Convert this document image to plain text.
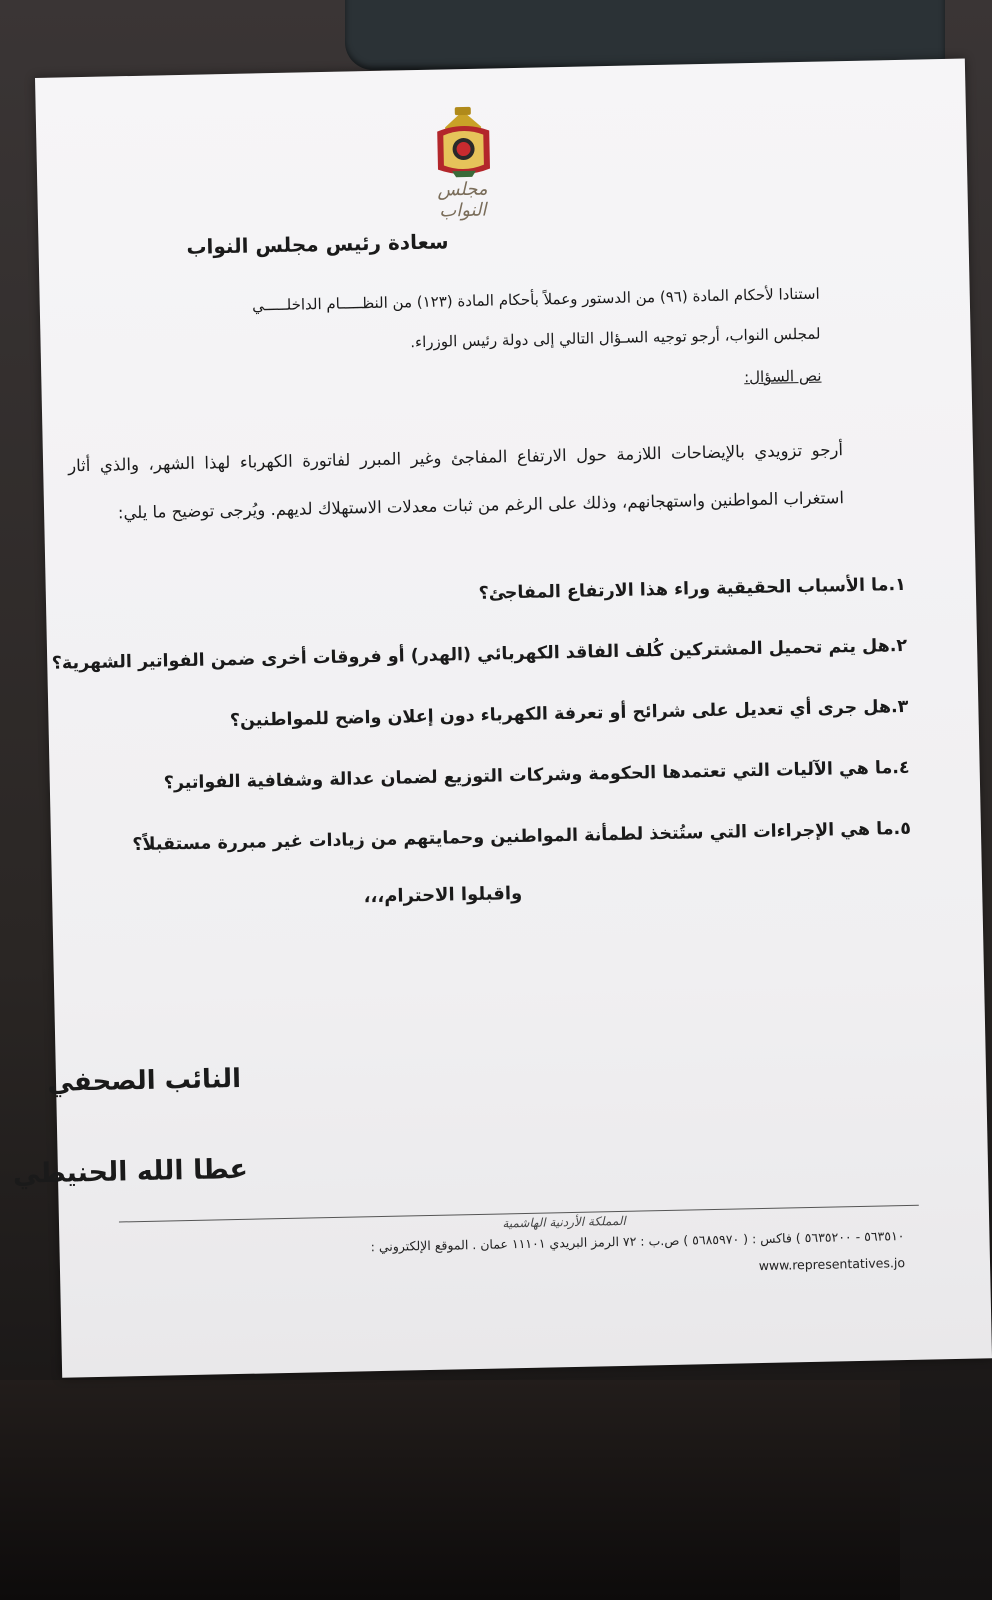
مجلس النواب
سعادة رئيس مجلس النواب
استنادا لأحكام المادة (٩٦) من الدستور وعملاً بأحكام المادة (١٢٣) من النظـــــام الداخلـــــي
لمجلس النواب، أرجو توجيه السـؤال التالي إلى دولة رئيس الوزراء.
نص السؤال:
أرجو تزويدي بالإيضاحات اللازمة حول الارتفاع المفاجئ وغير المبرر لفاتورة الكهرباء لهذا الشهر، والذي أثار استغراب المواطنين واستهجانهم، وذلك على الرغم من ثبات معدلات الاستهلاك لديهم. ويُرجى توضيح ما يلي:
١.ما الأسباب الحقيقية وراء هذا الارتفاع المفاجئ؟
٢.هل يتم تحميل المشتركين كُلف الفاقد الكهربائي (الهدر) أو فروقات أخرى ضمن الفواتير الشهرية؟
٣.هل جرى أي تعديل على شرائح أو تعرفة الكهرباء دون إعلان واضح للمواطنين؟
٤.ما هي الآليات التي تعتمدها الحكومة وشركات التوزيع لضمان عدالة وشفافية الفواتير؟
٥.ما هي الإجراءات التي ستُتخذ لطمأنة المواطنين وحمايتهم من زيادات غير مبررة مستقبلاً؟
واقبلوا الاحترام،،،
النائب الصحفي
عطا الله الحنيطي
المملكة الأردنية الهاشمية
٥٦٣٥١٠ - ٥٦٣٥٢٠٠ ) فاكس : ( ٥٦٨٥٩٧٠ ) ص.ب : ٧٢ الرمز البريدي ١١١٠١ عمان . الموقع الإلكتروني :
www.representatives.jo
